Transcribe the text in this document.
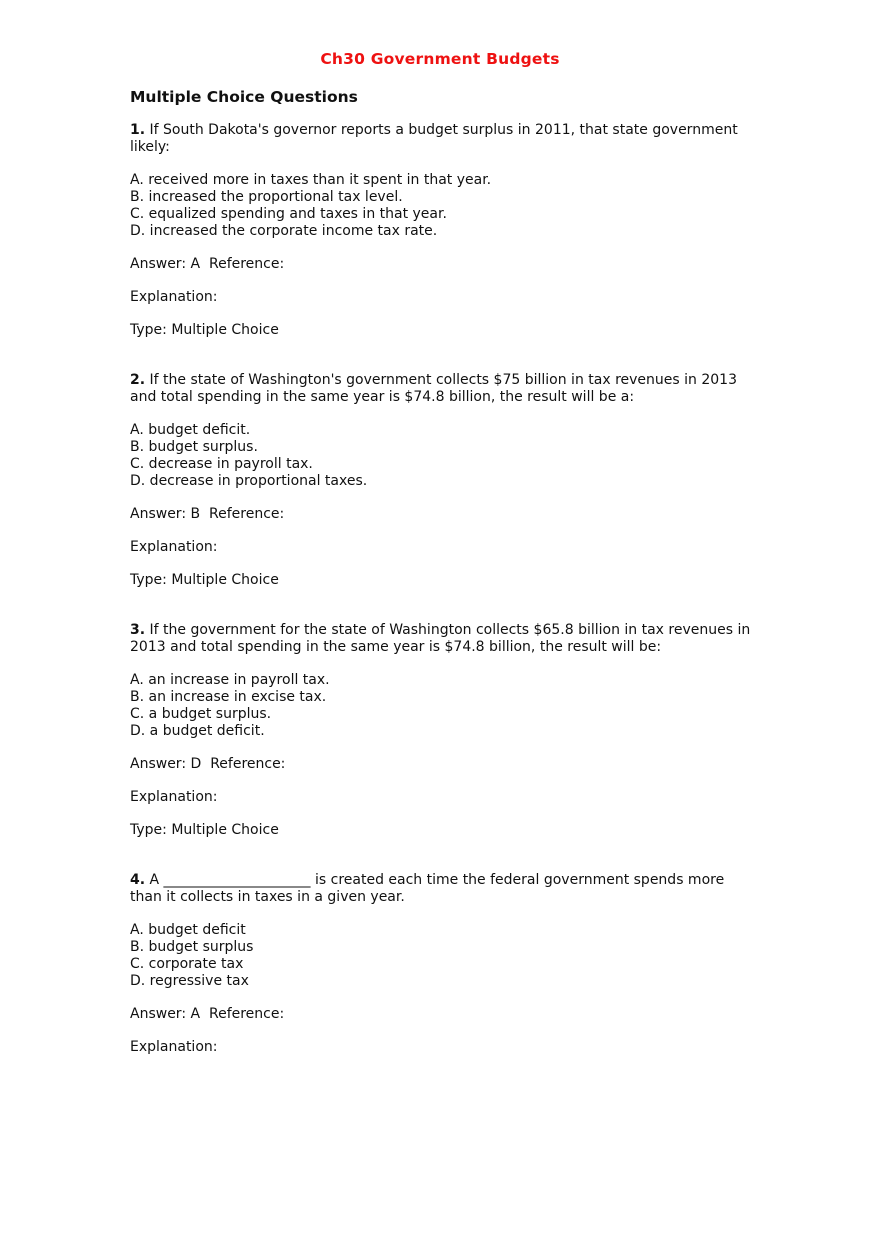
Ch30 Government Budgets
Multiple Choice Questions

1. If South Dakota's governor reports a budget surplus in 2011, that state government likely:

A. received more in taxes than it spent in that year.
B. increased the proportional tax level.
C. equalized spending and taxes in that year.
D. increased the corporate income tax rate.

Answer: A Reference:

Explanation:

Type: Multiple Choice

2. If the state of Washington's government collects $75 billion in tax revenues in 2013 and total spending in the same year is $74.8 billion, the result will be a:

A. budget deficit.
B. budget surplus.
C. decrease in payroll tax.
D. decrease in proportional taxes.

Answer: B Reference:

Explanation:

Type: Multiple Choice

3. If the government for the state of Washington collects $65.8 billion in tax revenues in 2013 and total spending in the same year is $74.8 billion, the result will be:

A. an increase in payroll tax.
B. an increase in excise tax.
C. a budget surplus.
D. a budget deficit.

Answer: D Reference:

Explanation:

Type: Multiple Choice

4. A _____________________ is created each time the federal government spends more than it collects in taxes in a given year.

A. budget deficit
B. budget surplus
C. corporate tax
D. regressive tax

Answer: A Reference:

Explanation:
